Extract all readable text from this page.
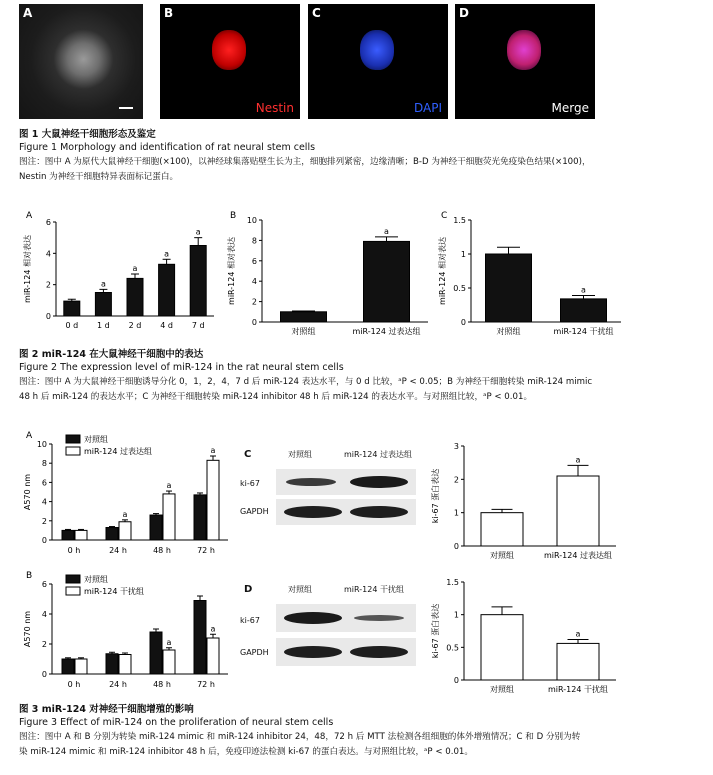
A	B
Nestin
C
DAPI
D
Merge
图 1 大鼠神经干细胞形态及鉴定
Figure 1 Morphology and identification of rat neural stem cells
图注：图中 A 为原代大鼠神经干细胞(×100)，以神经球集落贴壁生长为主，细胞排列紧密，边缘清晰；B-D 为神经干细胞荧光免疫染色结果(×100)，
Nestin 为神经干细胞特异表面标记蛋白。
0
2
4
6
miR-124 相对表达
A
0 d
a
1 d
a
2 d
a
4 d
a
7 d	0
2
4
6
8
10
miR-124 相对表达
B
对照组
a
miR-124 过表达组
0
0.5
1
1.5
miR-124 相对表达
C
对照组
a
miR-124 干扰组
图 2 miR-124 在大鼠神经干细胞中的表达
Figure 2 The expression level of miR-124 in the rat neural stem cells
图注：图中 A 为大鼠神经干细胞诱导分化 0，1，2，4，7 d 后 miR-124 表达水平，与 0 d 比较，ᵃP < 0.05；B 为神经干细胞转染 miR-124 mimic
48 h 后 miR-124 的表达水平；C 为神经干细胞转染 miR-124 inhibitor 48 h 后 miR-124 的表达水平。与对照组比较，ᵃP < 0.01。
0
2
4
6
8
10
A570 nm
A
0 h
a
24 h
a
48 h
a
72 h
对照组
miR-124 过表达组
0
2
4
6
A570 nm
B
0 h	24 h
a
48 h
a
72 h
对照组
miR-124 干扰组
C	对照组	miR-124 过表达组
ki-67
GAPDH
D	对照组	miR-124 干扰组
ki-67
GAPDH
0
1
2
3
ki-67 蛋白表达
对照组
a
miR-124 过表达组
0
0.5
1
1.5
ki-67 蛋白表达
对照组
a
miR-124 干扰组
图 3 miR-124 对神经干细胞增殖的影响
Figure 3 Effect of miR-124 on the proliferation of neural stem cells
图注：图中 A 和 B 分别为转染 miR-124 mimic 和 miR-124 inhibitor 24，48，72 h 后 MTT 法检测各组细胞的体外增殖情况；C 和 D 分别为转
染 miR-124 mimic 和 miR-124 inhibitor 48 h 后，免疫印迹法检测 ki-67 的蛋白表达。与对照组比较，ᵃP < 0.01。
